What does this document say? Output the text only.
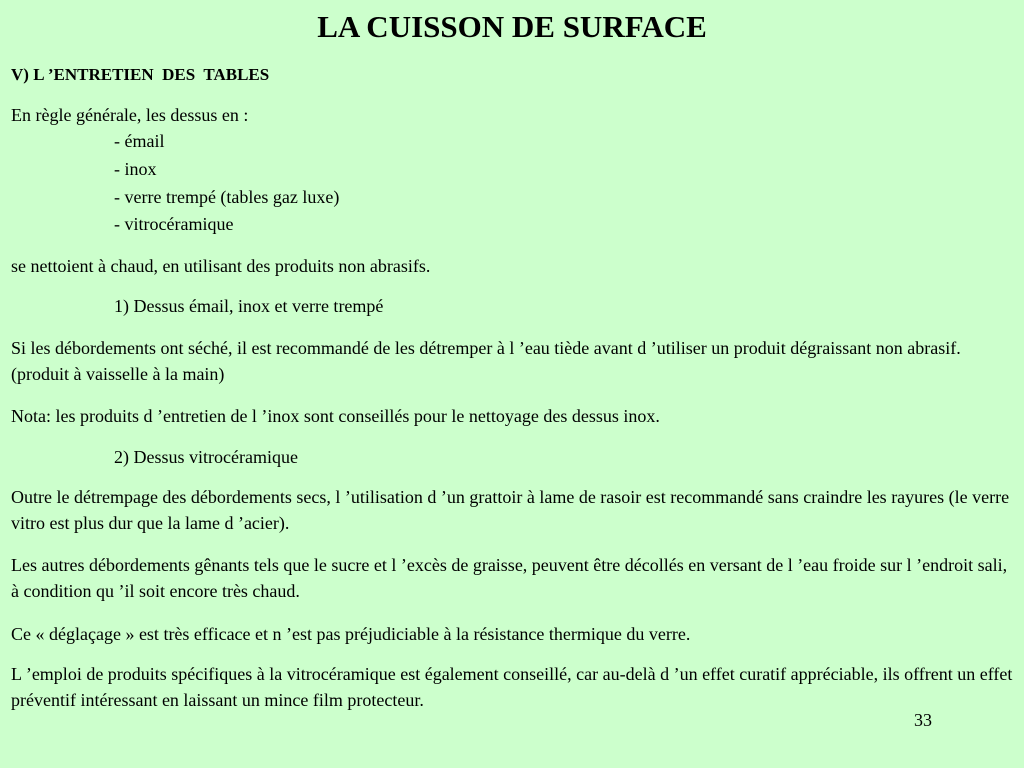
LA CUISSON DE SURFACE
V) L ’ENTRETIEN  DES  TABLES
En règle générale, les dessus en :
- émail
- inox
- verre trempé (tables gaz luxe)
- vitrocéramique
se nettoient à chaud, en utilisant des produits non abrasifs.
1) Dessus émail, inox et verre trempé
Si les débordements ont séché, il est recommandé de les détremper à l ’eau tiède avant d ’utiliser un produit dégraissant non abrasif. (produit à vaisselle à la main)
Nota: les produits d ’entretien de l ’inox sont conseillés pour le nettoyage des dessus inox.
2) Dessus vitrocéramique
Outre le détrempage des débordements secs, l ’utilisation d ’un grattoir à lame de rasoir est recommandé sans craindre les rayures (le verre vitro est plus dur que la lame d ’acier).
Les autres débordements gênants tels que le sucre et l ’excès de graisse, peuvent être décollés en versant de l ’eau froide sur l ’endroit sali, à condition qu ’il soit encore très chaud.
Ce « déglaçage » est très efficace et n ’est pas préjudiciable à la résistance thermique du verre.
L ’emploi de produits spécifiques à la vitrocéramique est également conseillé, car au-delà d ’un effet curatif appréciable, ils offrent un effet préventif intéressant en laissant un mince film protecteur.
33
